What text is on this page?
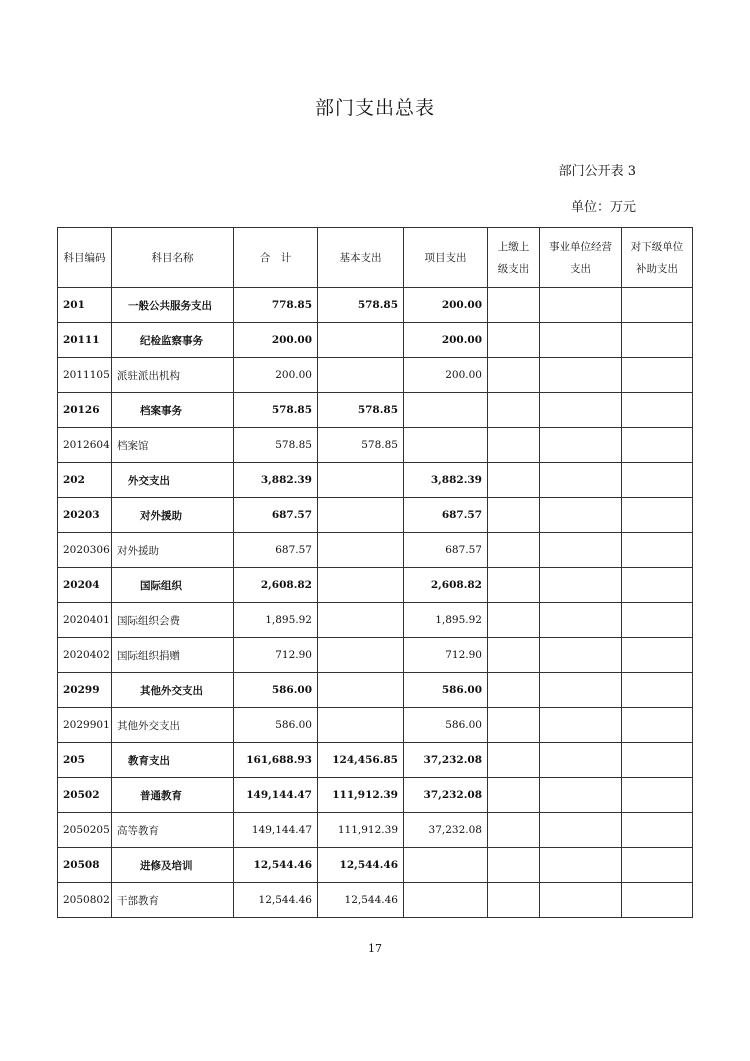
部门支出总表
部门公开表 3
单位：万元
科目编码	科目名称	合　计	基本支出	项目支出	上缴上级支出	事业单位经营支出	对下级单位补助支出
201	一般公共服务支出	778.85	578.85	200.00			
20111	纪检监察事务	200.00		200.00			
2011105	派驻派出机构	200.00		200.00			
20126	档案事务	578.85	578.85				
2012604	档案馆	578.85	578.85				
202	外交支出	3,882.39		3,882.39			
20203	对外援助	687.57		687.57			
2020306	对外援助	687.57		687.57			
20204	国际组织	2,608.82		2,608.82			
2020401	国际组织会费	1,895.92		1,895.92			
2020402	国际组织捐赠	712.90		712.90			
20299	其他外交支出	586.00		586.00			
2029901	其他外交支出	586.00		586.00			
205	教育支出	161,688.93	124,456.85	37,232.08			
20502	普通教育	149,144.47	111,912.39	37,232.08			
2050205	高等教育	149,144.47	111,912.39	37,232.08			
20508	进修及培训	12,544.46	12,544.46				
2050802	干部教育	12,544.46	12,544.46				
17
